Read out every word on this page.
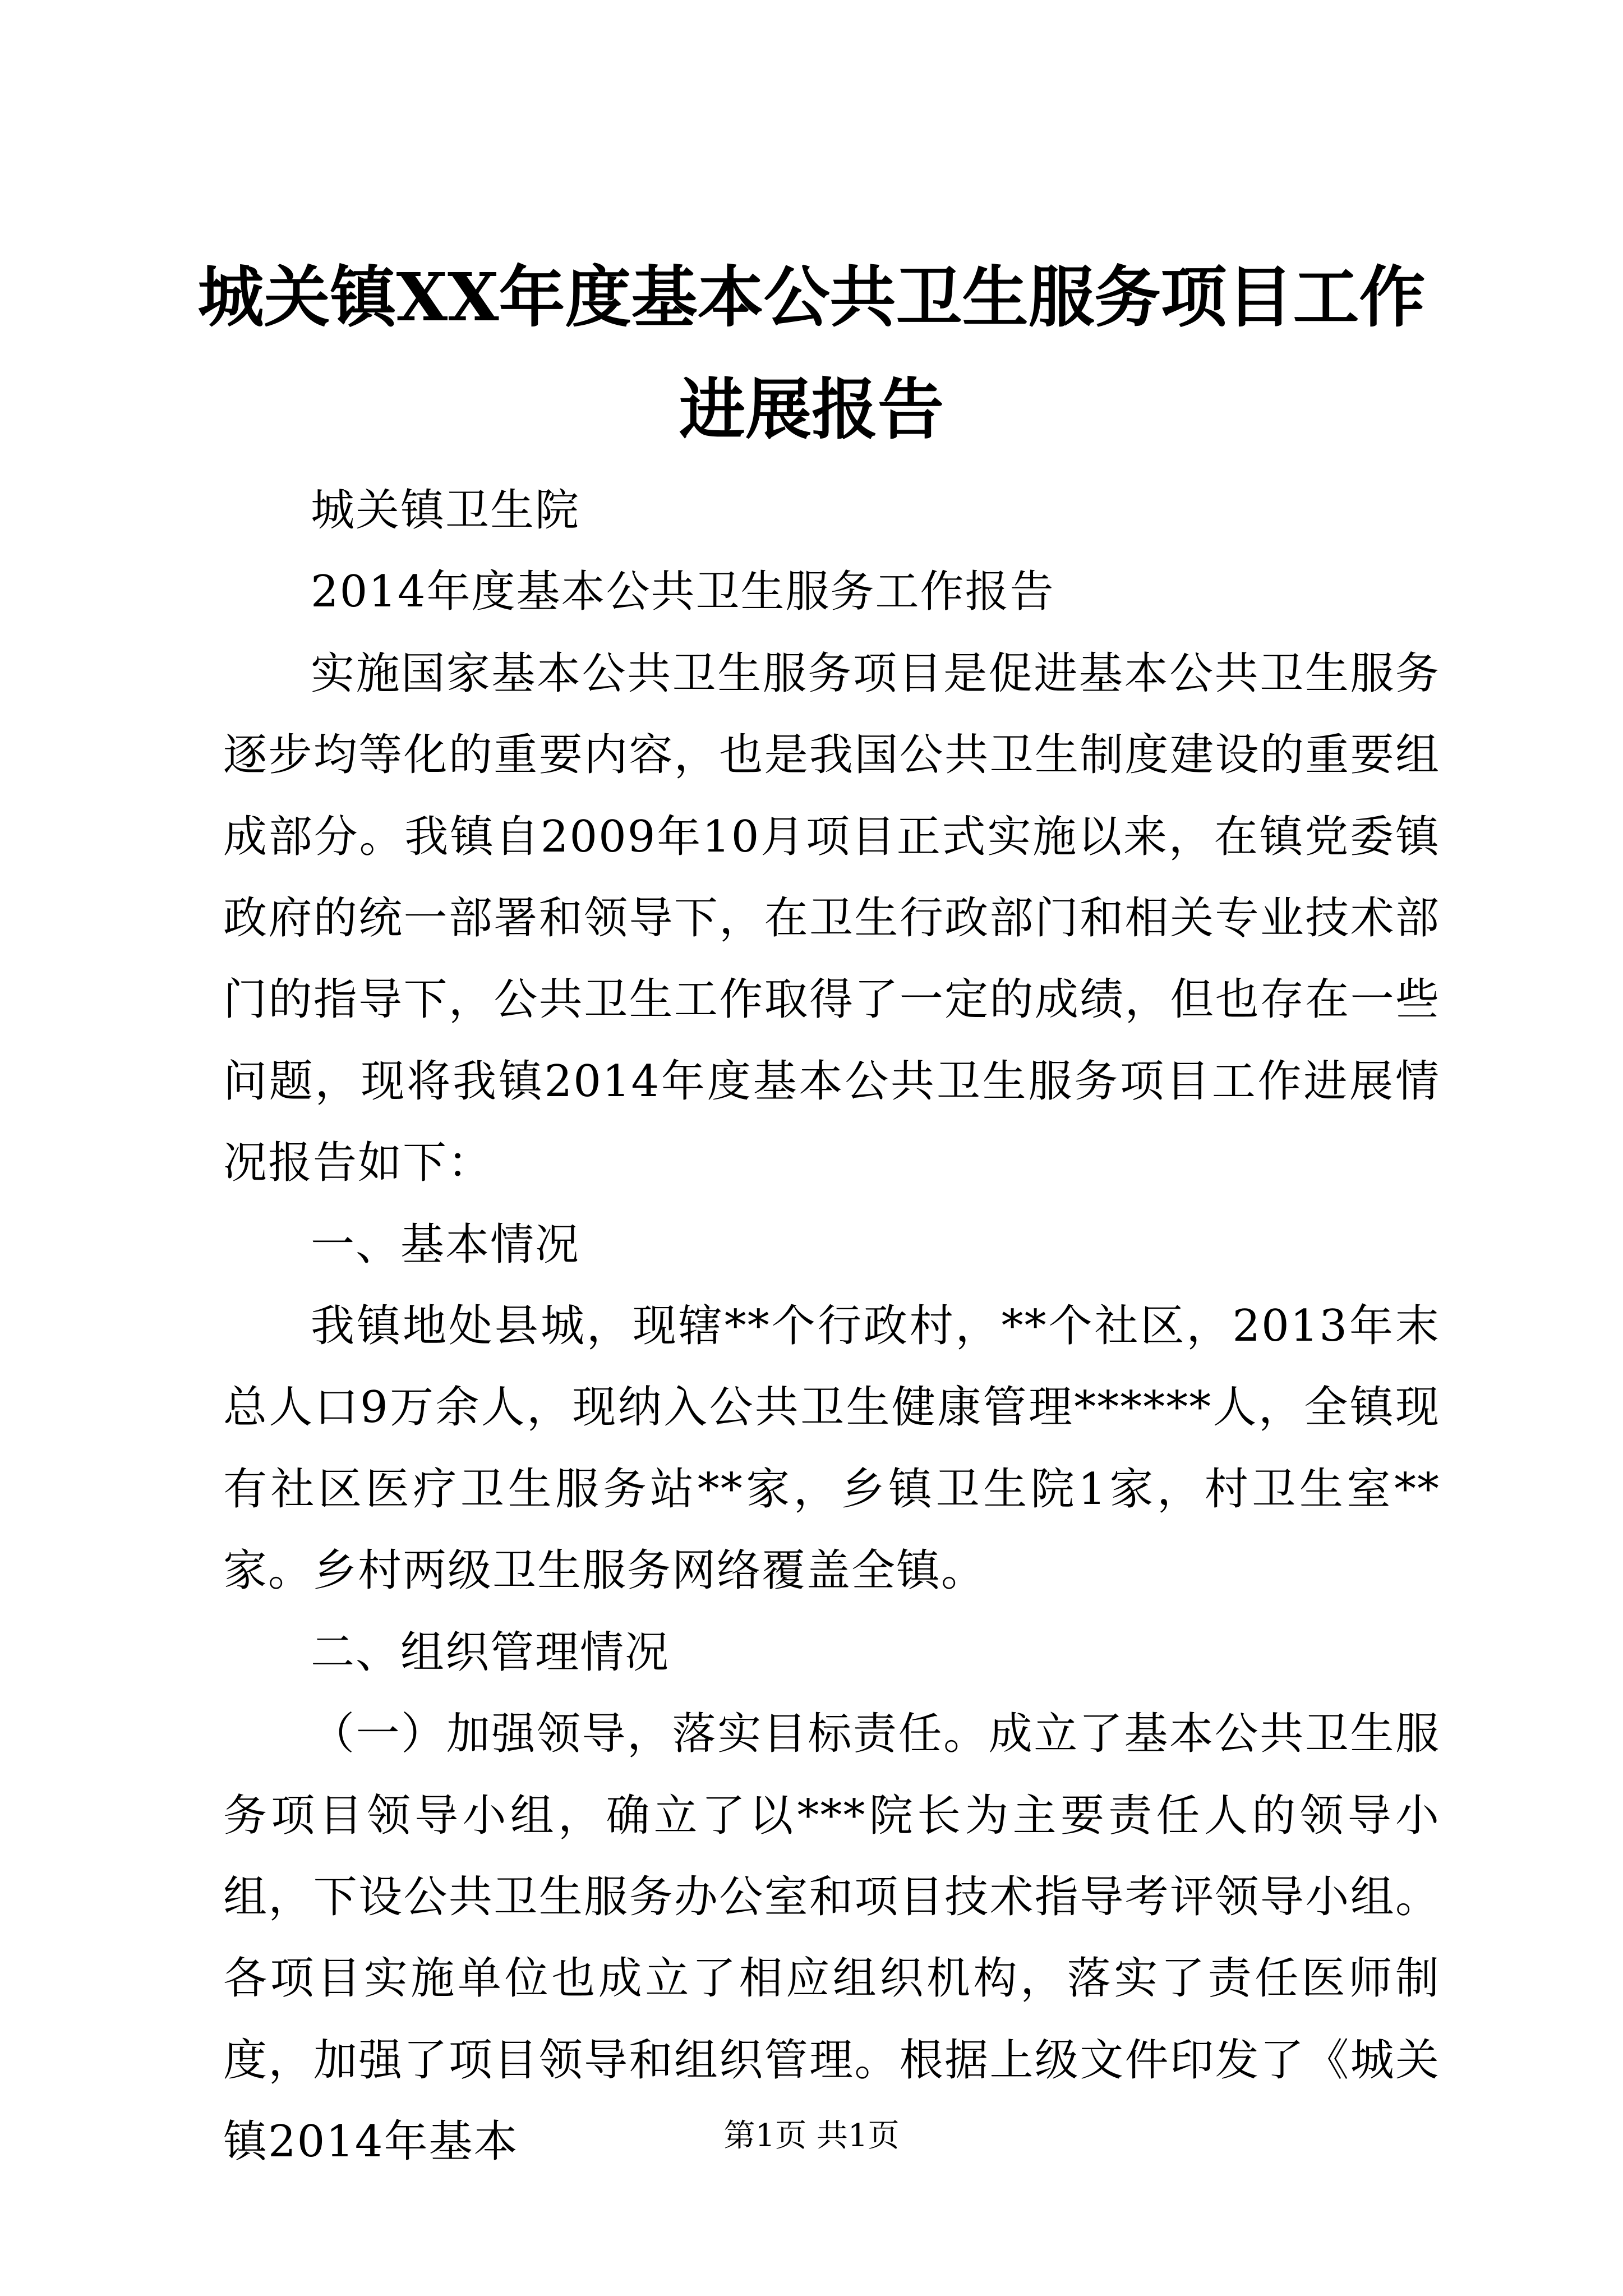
城关镇XX年度基本公共卫生服务项目工作进展报告

城关镇卫生院

2014年度基本公共卫生服务工作报告

实施国家基本公共卫生服务项目是促进基本公共卫生服务逐步均等化的重要内容，也是我国公共卫生制度建设的重要组成部分。我镇自2009年10月项目正式实施以来，在镇党委镇政府的统一部署和领导下，在卫生行政部门和相关专业技术部门的指导下，公共卫生工作取得了一定的成绩，但也存在一些问题，现将我镇2014年度基本公共卫生服务项目工作进展情况报告如下：

一、基本情况

我镇地处县城，现辖**个行政村，**个社区，2013年末总人口9万余人，现纳入公共卫生健康管理******人，全镇现有社区医疗卫生服务站**家，乡镇卫生院1家，村卫生室**家。乡村两级卫生服务网络覆盖全镇。

二、组织管理情况

（一）加强领导，落实目标责任。成立了基本公共卫生服务项目领导小组，确立了以***院长为主要责任人的领导小组，下设公共卫生服务办公室和项目技术指导考评领导小组。各项目实施单位也成立了相应组织机构，落实了责任医师制度，加强了项目领导和组织管理。根据上级文件印发了《城关镇2014年基本	第1页 共1页
